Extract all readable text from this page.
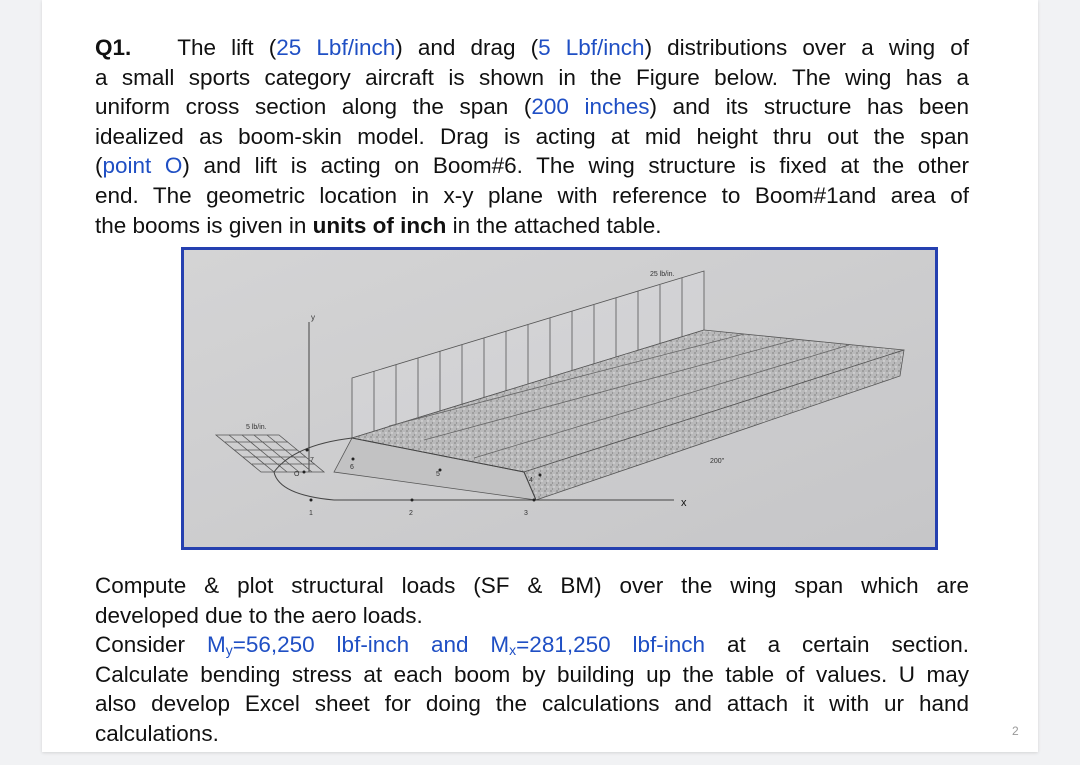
Q1. The lift (25 Lbf/inch) and drag (5 Lbf/inch) distributions over a wing of
a small sports category aircraft is shown in the Figure below. The wing has a
uniform cross section along the span (200 inches) and its structure has been
idealized as boom-skin model. Drag is acting at mid height thru out the span
(point O) and lift is acting on Boom#6. The wing structure is fixed at the other
end. The geometric location in x-y plane with reference to Boom#1and area of
the booms is given in units of inch in the attached table.
y
5 lb/in.
25 lb/in.
x
200"
1	2	3
4
5
6
7
O
Compute & plot structural loads (SF & BM) over the wing span which are
developed due to the aero loads.
Consider $M_y=56,250$ lbf-inch and $M_x=281,250$ lbf-inch at a certain section.
Calculate bending stress at each boom by building up the table of values. U may
also develop Excel sheet for doing the calculations and attach it with ur hand
calculations.	2
